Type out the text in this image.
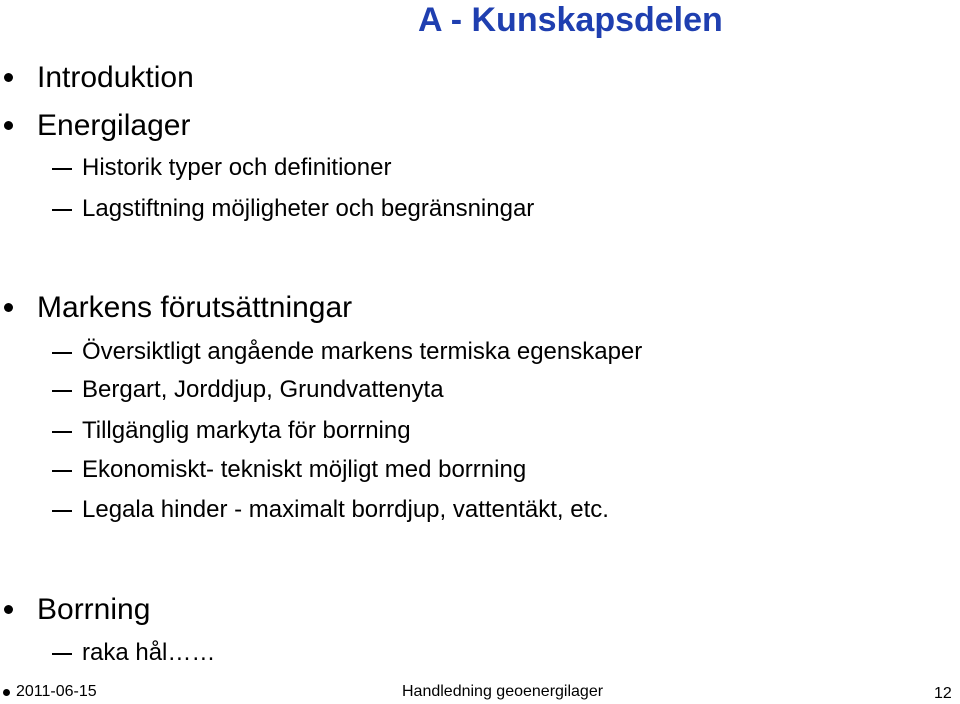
A - Kunskapsdelen
Introduktion
Energilager
Historik typer och definitioner
Lagstiftning möjligheter och begränsningar
Markens förutsättningar
Översiktligt angående markens termiska egenskaper
Bergart, Jorddjup, Grundvattenyta
Tillgänglig markyta för borrning
Ekonomiskt- tekniskt möjligt med borrning
Legala hinder - maximalt borrdjup, vattentäkt, etc.
Borrning
raka hål……
2011-06-15	Handledning geoenergilager	12
